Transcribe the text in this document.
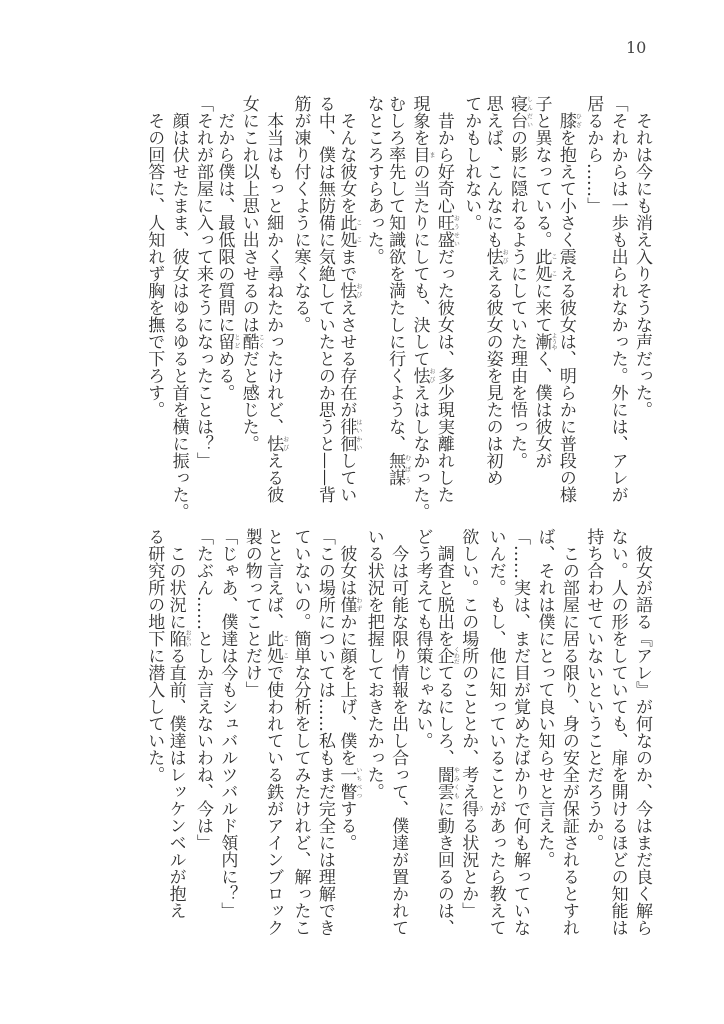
10
　それは今にも消え入りそうな声だった。
「それからは一歩も出られなかった。外には、アレが
居るから……」
　膝ひざを抱えて小さく震える彼女は、明らかに普段の様
子と異なっている。此処ここに来て漸ようやく、僕は彼女が
寝台しんだいの影に隠れるようにしていた理由を悟った。
思えば、こんなにも怯おびえる彼女の姿を見たのは初め
てかもしれない。
　昔から好奇心旺盛おうせいだった彼女は、多少現実離れした
現象を目まの当たりにしても、決して怯おびえはしなかった。
むしろ率先して知識欲を満たしに行くような、無謀むぼう
なところすらあった。
　そんな彼女を此処ここまで怯おびえさせる存在が徘徊はいかいしてい
る中、僕は無防備に気絶していたとのか思うと——背
筋が凍り付くように寒くなる。
　本当はもっと細かく尋ねたかったけれど、怯おびえる彼
女にこれ以上思い出させるのは酷こくだと感じた。
　だから僕は、最低限の質問に留とどめる。
「それが部屋に入って来そうになったことは？」
　顔は伏せたまま、彼女はゆるゆると首を横に振った。
　その回答に、人知れず胸を撫で下ろす。
　彼女が語る『アレ』が何なのか、今はまだ良く解ら
ない。人の形をしていても、扉を開けるほどの知能は
持ち合わせていないということだろうか。
　この部屋に居る限り、身の安全が保証されるとすれ
ば、それは僕にとって良い知らせと言えた。
「……実は、まだ目が覚めたばかりで何も解っていな
いんだ。もし、他に知っていることがあったら教えて
欲しい。この場所のこととか、考え得うる状況とか」
　調査と脱出を企くわだてるにしろ、闇雲やみくもに動き回るのは、
どう考えても得策じゃない。
　今は可能な限り情報を出し合って、僕達が置かれて
いる状況を把握しておきたかった。
　彼女は僅わずかに顔を上げ、僕を一瞥いちべつする。
「この場所については……私もまだ完全には理解でき
ていないの。簡単な分析をしてみたけれど、解ったこ
とと言えば、此処ここで使われている鉄がアインブロック
製の物ってことだけ」
「じゃあ、僕達は今もシュバルツバルド領内に？」
「たぶん……としか言えないわね、今は」
　この状況に陥おちいる直前、僕達はレッケンベルが抱え
る研究所の地下に潜入していた。
